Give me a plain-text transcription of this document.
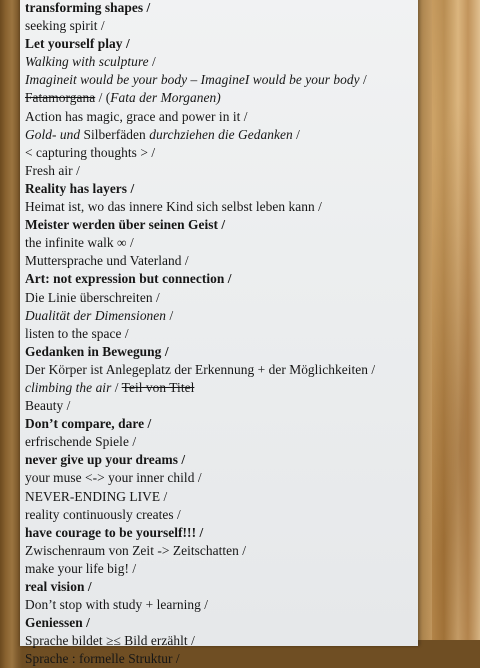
transforming shapes /
seeking spirit /
Let yourself play /
Walking with sculpture /
Imagineit would be your body – ImagineI would be your body /
Fatamorgana / (Fata der Morganen)
Action has magic, grace and power in it /
Gold- und Silberfäden durchziehen die Gedanken /
< capturing thoughts > /
Fresh air /
Reality has layers /
Heimat ist, wo das innere Kind sich selbst leben kann /
Meister werden über seinen Geist /
the infinite walk ∞ /
Muttersprache und Vaterland /
Art: not expression but connection /
Die Linie überschreiten /
Dualität der Dimensionen /
listen to the space /
Gedanken in Bewegung /
Der Körper ist Anlegeplatz der Erkennung + der Möglichkeiten /
climbing the air / Teil von Titel
Beauty /
Don’t compare, dare /
erfrischende Spiele /
never give up your dreams /
your muse <-> your inner child /
NEVER-ENDING LIVE /
reality continuously creates /
have courage to be yourself!!! /
Zwischenraum von Zeit -> Zeitschatten /
make your life big! /
real vision /
Don’t stop with study + learning /
Geniessen /
Sprache bildet ≥≤ Bild erzählt /
Sprache : formelle Struktur /
